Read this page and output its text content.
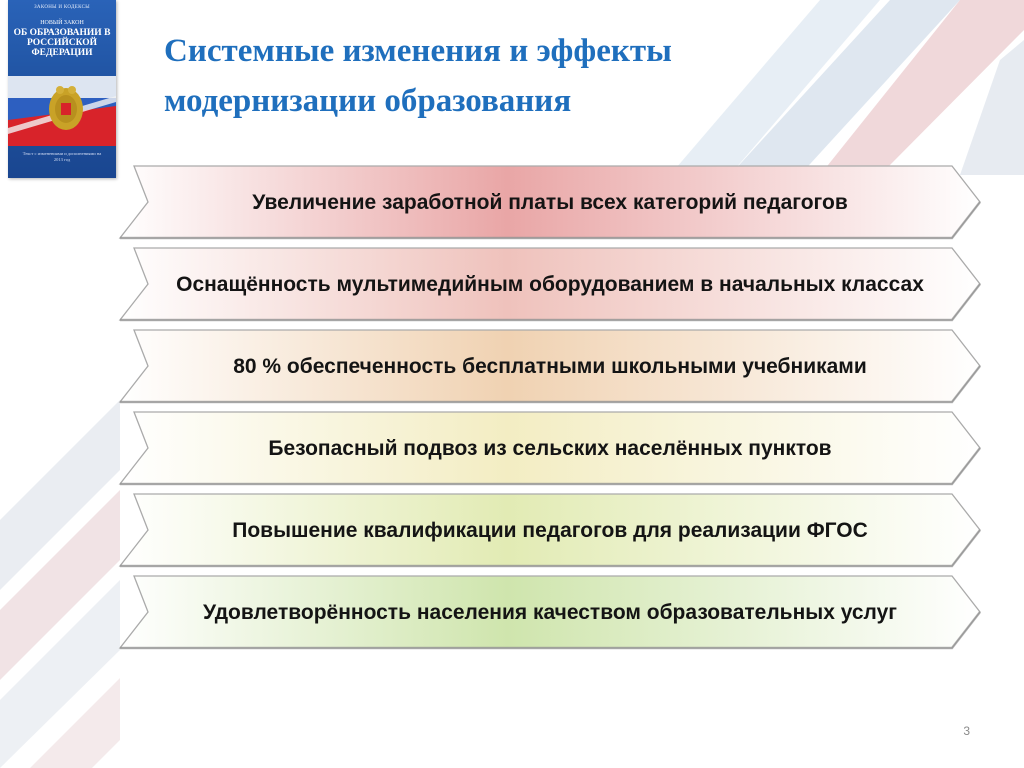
ЗАКОНЫ И КОДЕКСЫ
НОВЫЙ ЗАКОН
ОБ ОБРАЗОВАНИИ В РОССИЙСКОЙ ФЕДЕРАЦИИ
Текст с изменениями и дополнениями на 2013 год
Системные изменения и эффекты модернизации образования
Увеличение заработной платы всех категорий педагогов
Оснащённость мультимедийным оборудованием в начальных классах
80 % обеспеченность бесплатными школьными учебниками
Безопасный подвоз из сельских населённых пунктов
Повышение квалификации педагогов для реализации ФГОС
Удовлетворённость населения качеством образовательных услуг
3
